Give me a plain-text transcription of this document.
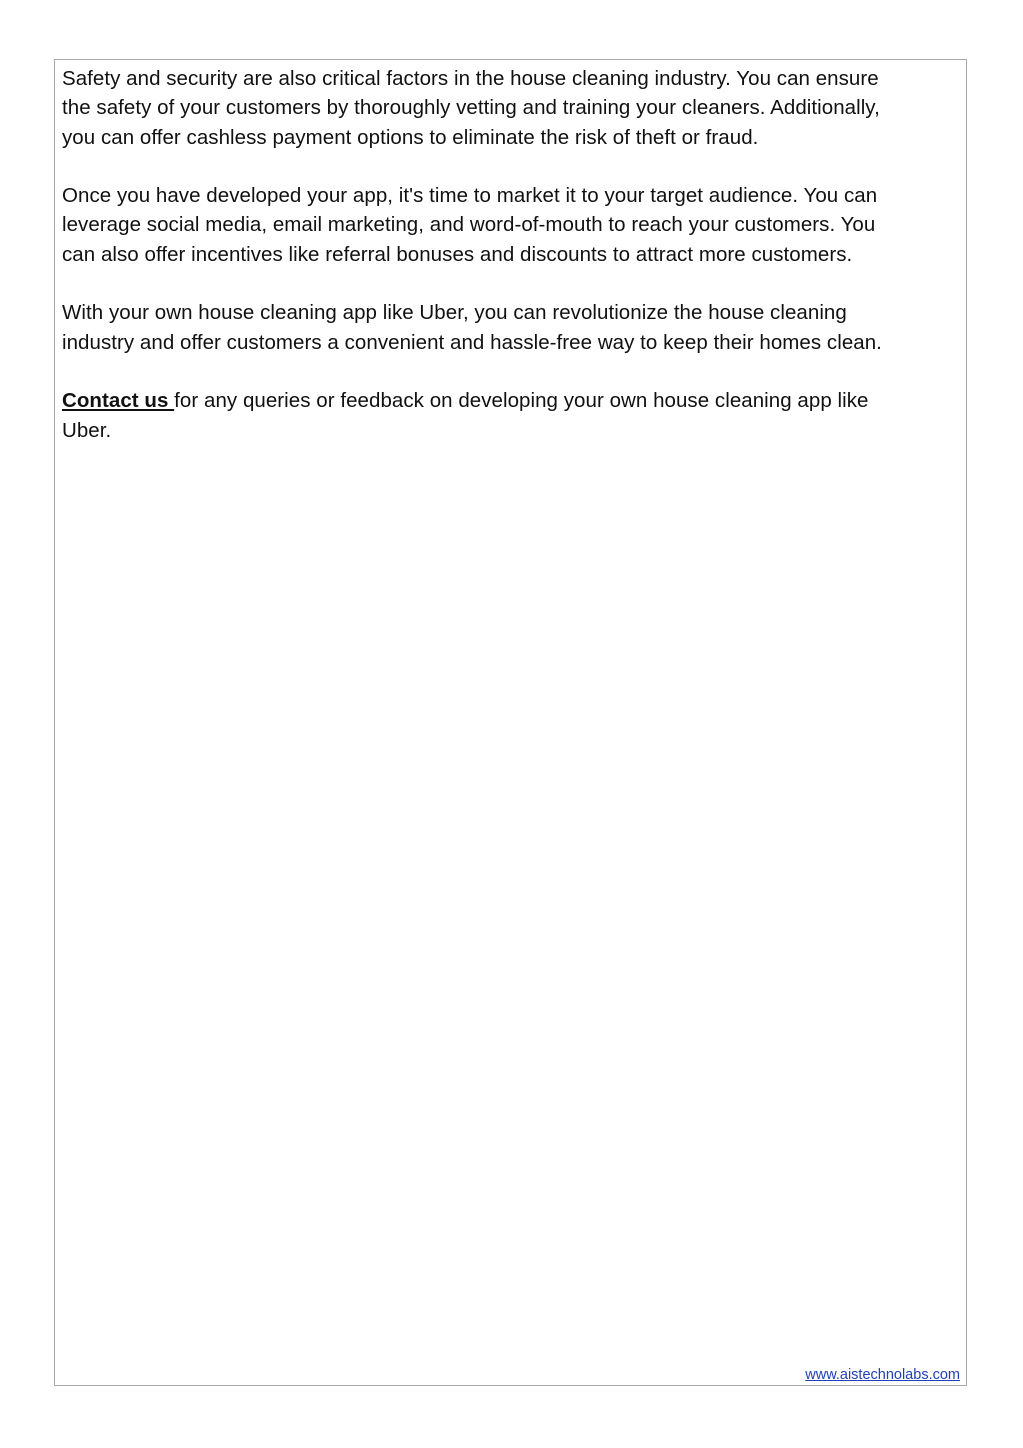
Safety and security are also critical factors in the house cleaning industry. You can ensure
the safety of your customers by thoroughly vetting and training your cleaners. Additionally,
you can offer cashless payment options to eliminate the risk of theft or fraud.

Once you have developed your app, it's time to market it to your target audience. You can
leverage social media, email marketing, and word-of-mouth to reach your customers. You
can also offer incentives like referral bonuses and discounts to attract more customers.

With your own house cleaning app like Uber, you can revolutionize the house cleaning
industry and offer customers a convenient and hassle-free way to keep their homes clean.

Contact us for any queries or feedback on developing your own house cleaning app like
Uber.

www.aistechnolabs.com
